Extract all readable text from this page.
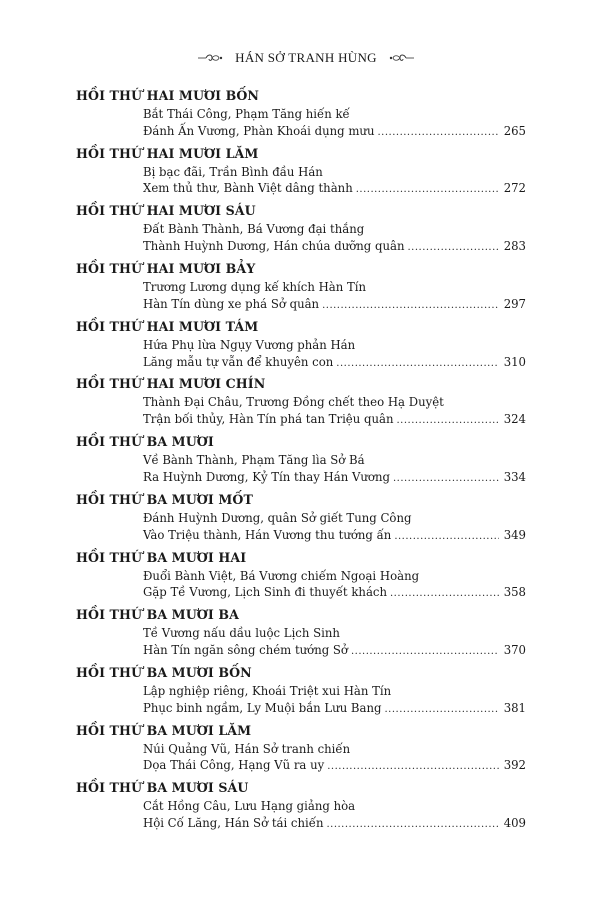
HÁN SỞ TRANH HÙNG
HỒI THỨ HAI MƯƠI BỐN
Bắt Thái Công, Phạm Tăng hiến kế
Đánh Ấn Vương, Phàn Khoái dụng mưu .....	265
HỒI THỨ HAI MƯƠI LĂM
Bị bạc đãi, Trần Bình đầu Hán
Xem thủ thư, Bành Việt dâng thành .....	272
HỒI THỨ HAI MƯƠI SÁU
Đất Bành Thành, Bá Vương đại thắng
Thành Huỳnh Dương, Hán chúa dưỡng quân .....	283
HỒI THỨ HAI MƯƠI BẢY
Trương Lương dụng kế khích Hàn Tín
Hàn Tín dùng xe phá Sở quân .....	297
HỒI THỨ HAI MƯƠI TÁM
Hứa Phụ lừa Ngụy Vương phản Hán
Lăng mẫu tự vẫn để khuyên con .....	310
HỒI THỨ HAI MƯƠI CHÍN
Thành Đại Châu, Trương Đồng chết theo Hạ Duyệt
Trận bối thủy, Hàn Tín phá tan Triệu quân .....	324
HỒI THỨ BA MƯƠI
Về Bành Thành, Phạm Tăng lìa Sở Bá
Ra Huỳnh Dương, Kỷ Tín thay Hán Vương .....	334
HỒI THỨ BA MƯƠI MỐT
Đánh Huỳnh Dương, quân Sở giết Tung Công
Vào Triệu thành, Hán Vương thu tướng ấn .....	349
HỒI THỨ BA MƯƠI HAI
Đuổi Bành Việt, Bá Vương chiếm Ngoại Hoàng
Gặp Tề Vương, Lịch Sinh đi thuyết khách .....	358
HỒI THỨ BA MƯƠI BA
Tề Vương nấu dầu luộc Lịch Sinh
Hàn Tín ngăn sông chém tướng Sở .....	370
HỒI THỨ BA MƯƠI BỐN
Lập nghiệp riêng, Khoái Triệt xui Hàn Tín
Phục binh ngầm, Ly Muội bắn Lưu Bang .....	381
HỒI THỨ BA MƯƠI LĂM
Núi Quảng Vũ, Hán Sở tranh chiến
Dọa Thái Công, Hạng Vũ ra uy .....	392
HỒI THỨ BA MƯƠI SÁU
Cắt Hồng Câu, Lưu Hạng giảng hòa
Hội Cố Lăng, Hán Sở tái chiến .....	409
